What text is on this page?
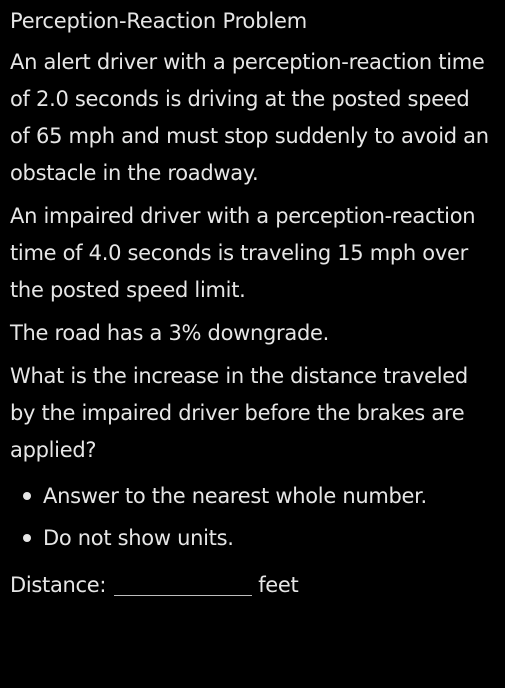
Perception-Reaction Problem

An alert driver with a perception-reaction time of 2.0 seconds is driving at the posted speed of 65 mph and must stop suddenly to avoid an obstacle in the roadway.

An impaired driver with a perception-reaction time of 4.0 seconds is traveling 15 mph over the posted speed limit.

The road has a 3% downgrade.

What is the increase in the distance traveled by the impaired driver before the brakes are applied?

Answer to the nearest whole number.
Do not show units.
Distance:	feet
